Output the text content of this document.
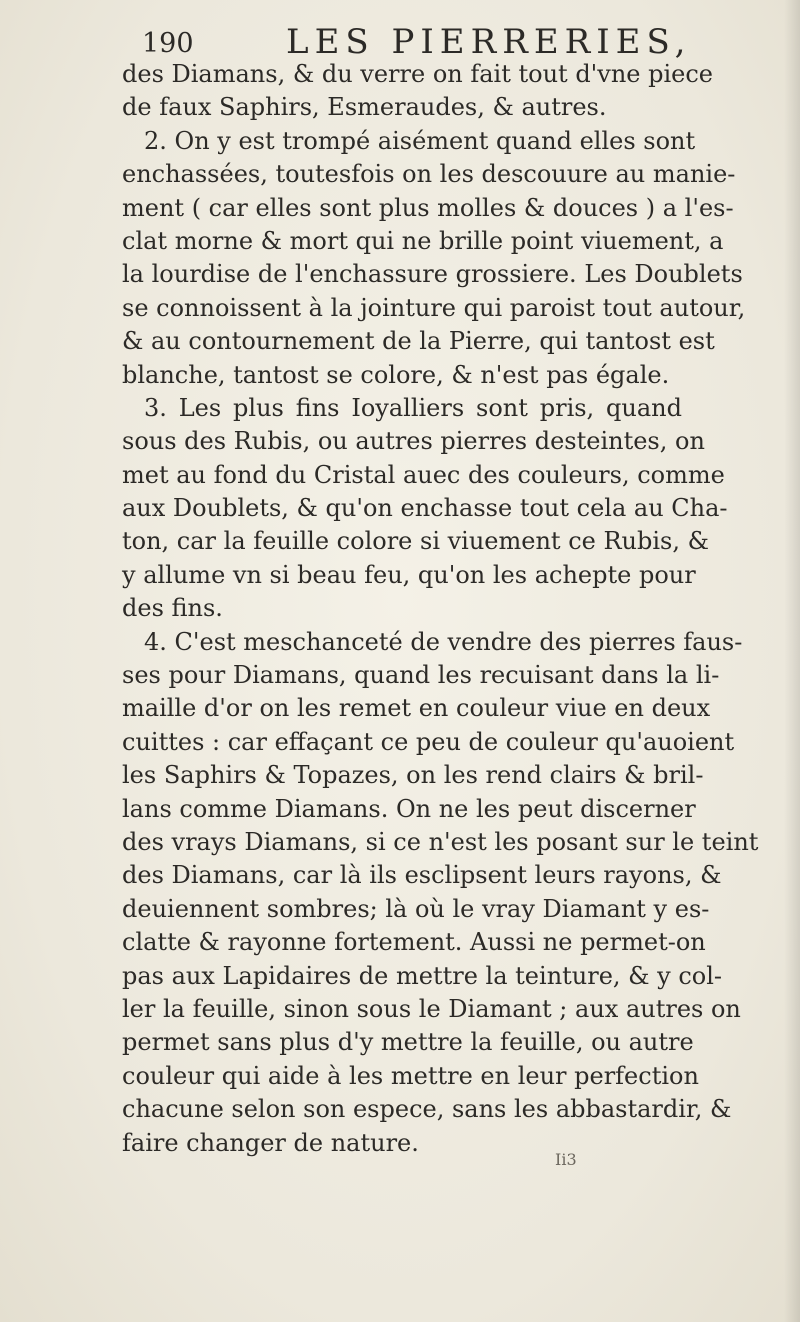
190	LES PIERRERIES,
des Diamans, & du verre on fait tout d'vne piece
de faux Saphirs, Esmeraudes, & autres.
2. On y est trompé aisément quand elles sont
enchassées, toutesfois on les descouure au manie-
ment ( car elles sont plus molles & douces ) a l'es-
clat morne & mort qui ne brille point viuement, a
la lourdise de l'enchassure grossiere. Les Doublets
se connoissent à la jointure qui paroist tout autour,
& au contournement de la Pierre, qui tantost est
blanche, tantost se colore, & n'est pas égale.
3. Les plus fins Ioyalliers sont pris, quand
sous des Rubis, ou autres pierres desteintes, on
met au fond du Cristal auec des couleurs, comme
aux Doublets, & qu'on enchasse tout cela au Cha-
ton, car la feuille colore si viuement ce Rubis, &
y allume vn si beau feu, qu'on les achepte pour
des fins.
4. C'est meschanceté de vendre des pierres faus-
ses pour Diamans, quand les recuisant dans la li-
maille d'or on les remet en couleur viue en deux
cuittes : car effaçant ce peu de couleur qu'auoient
les Saphirs & Topazes, on les rend clairs & bril-
lans comme Diamans. On ne les peut discerner
des vrays Diamans, si ce n'est les posant sur le teint
des Diamans, car là ils esclipsent leurs rayons, &
deuiennent sombres; là où le vray Diamant y es-
clatte & rayonne fortement. Aussi ne permet-on
pas aux Lapidaires de mettre la teinture, & y col-
ler la feuille, sinon sous le Diamant ; aux autres on
permet sans plus d'y mettre la feuille, ou autre
couleur qui aide à les mettre en leur perfection
chacune selon son espece, sans les abbastardir, &
faire changer de nature.
Ii3
